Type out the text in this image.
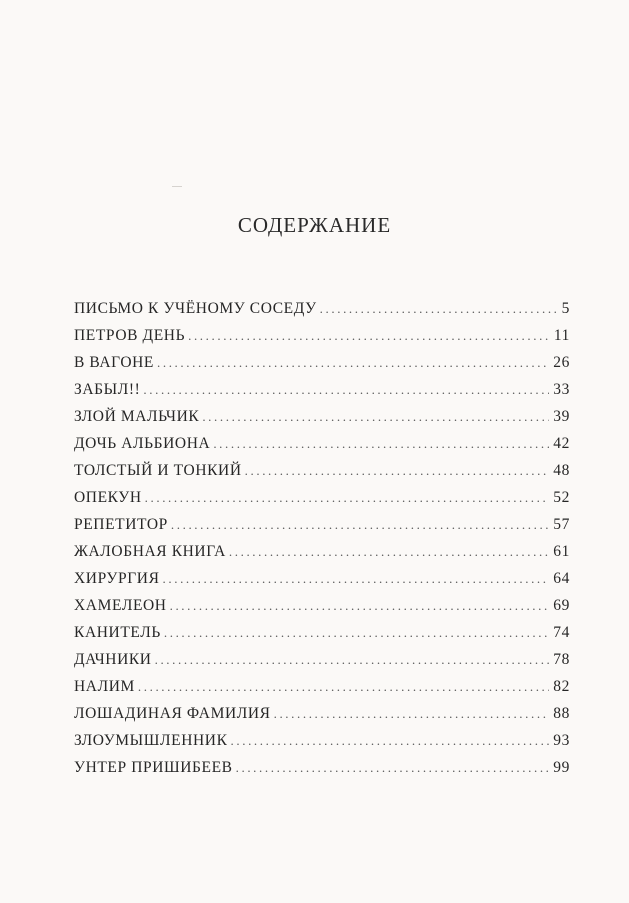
СОДЕРЖАНИЕ
ПИСЬМО К УЧЁНОМУ СОСЕДУ .....	5
ПЕТРОВ ДЕНЬ .....	11
В ВАГОНЕ .....	26
ЗАБЫЛ!! .....	33
ЗЛОЙ МАЛЬЧИК .....	39
ДОЧЬ АЛЬБИОНА .....	42
ТОЛСТЫЙ И ТОНКИЙ .....	48
ОПЕКУН .....	52
РЕПЕТИТОР .....	57
ЖАЛОБНАЯ КНИГА .....	61
ХИРУРГИЯ .....	64
ХАМЕЛЕОН .....	69
КАНИТЕЛЬ .....	74
ДАЧНИКИ .....	78
НАЛИМ .....	82
ЛОШАДИНАЯ ФАМИЛИЯ .....	88
ЗЛОУМЫШЛЕННИК .....	93
УНТЕР ПРИШИБЕЕВ .....	99
